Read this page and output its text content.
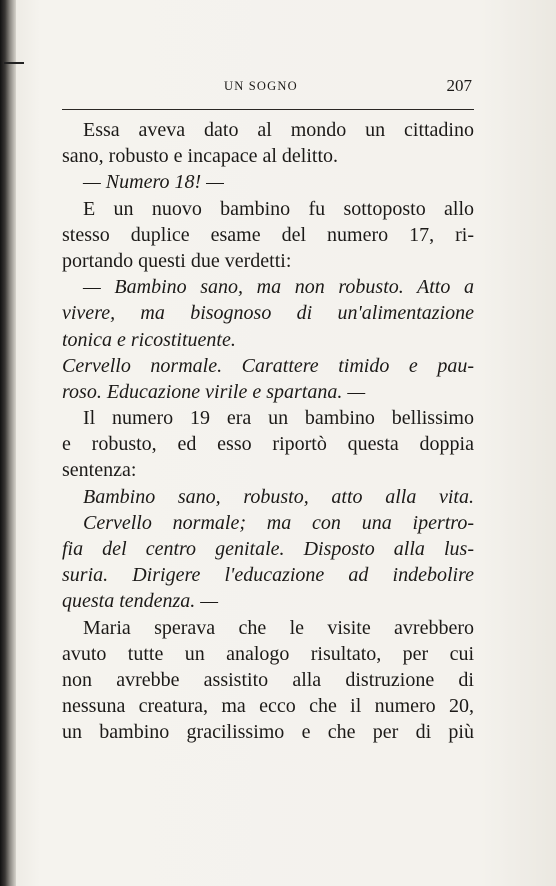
UN SOGNO	207
Essa aveva dato al mondo un cittadino
sano, robusto e incapace al delitto.
— Numero 18! —
E un nuovo bambino fu sottoposto allo
stesso duplice esame del numero 17, ri-
portando questi due verdetti:
— Bambino sano, ma non robusto. Atto a
vivere, ma bisognoso di un'alimentazione
tonica e ricostituente.
Cervello normale. Carattere timido e pau-
roso. Educazione virile e spartana. —
Il numero 19 era un bambino bellissimo
e robusto, ed esso riportò questa doppia
sentenza:
Bambino sano, robusto, atto alla vita.
Cervello normale; ma con una ipertro-
fia del centro genitale. Disposto alla lus-
suria. Dirigere l'educazione ad indebolire
questa tendenza. —
Maria sperava che le visite avrebbero
avuto tutte un analogo risultato, per cui
non avrebbe assistito alla distruzione di
nessuna creatura, ma ecco che il numero 20,
un bambino gracilissimo e che per di più
